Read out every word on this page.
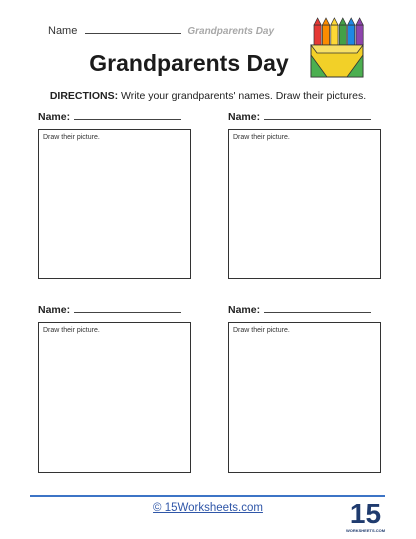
Name	Grandparents Day
Grandparents Day
DIRECTIONS: Write your grandparents' names. Draw their pictures.
Name:
Draw their picture.
Name:
Draw their picture.
Name:
Draw their picture.
Name:
Draw their picture.
© 15Worksheets.com	15
WORKSHEETS.COM
